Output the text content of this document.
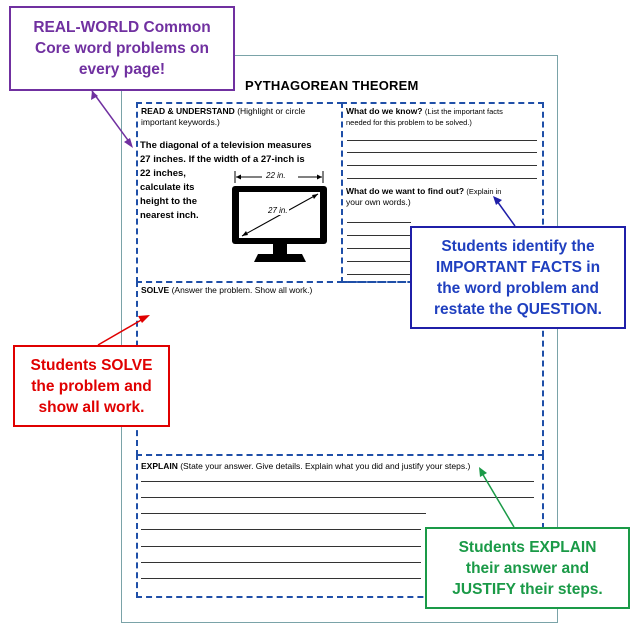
PYTHAGOREAN THEOREM
READ & UNDERSTAND (Highlight or circle
important keywords.)
The diagonal of a television measures
27 inches. If the width of a 27-inch is
22 inches,
calculate its
height to the
nearest inch.
22 in.
27 in.
What do we know? (List the important facts
needed for this problem to be solved.)
What do we want to find out? (Explain in
your own words.)
SOLVE (Answer the problem. Show all work.)
EXPLAIN (State your answer. Give details. Explain what you did and justify your steps.)
REAL-WORLD Common
Core word problems on
every page!
Students identify the
IMPORTANT FACTS in
the word problem and
restate the QUESTION.
Students SOLVE
the problem and
show all work.
Students EXPLAIN
their answer and
JUSTIFY their steps.
